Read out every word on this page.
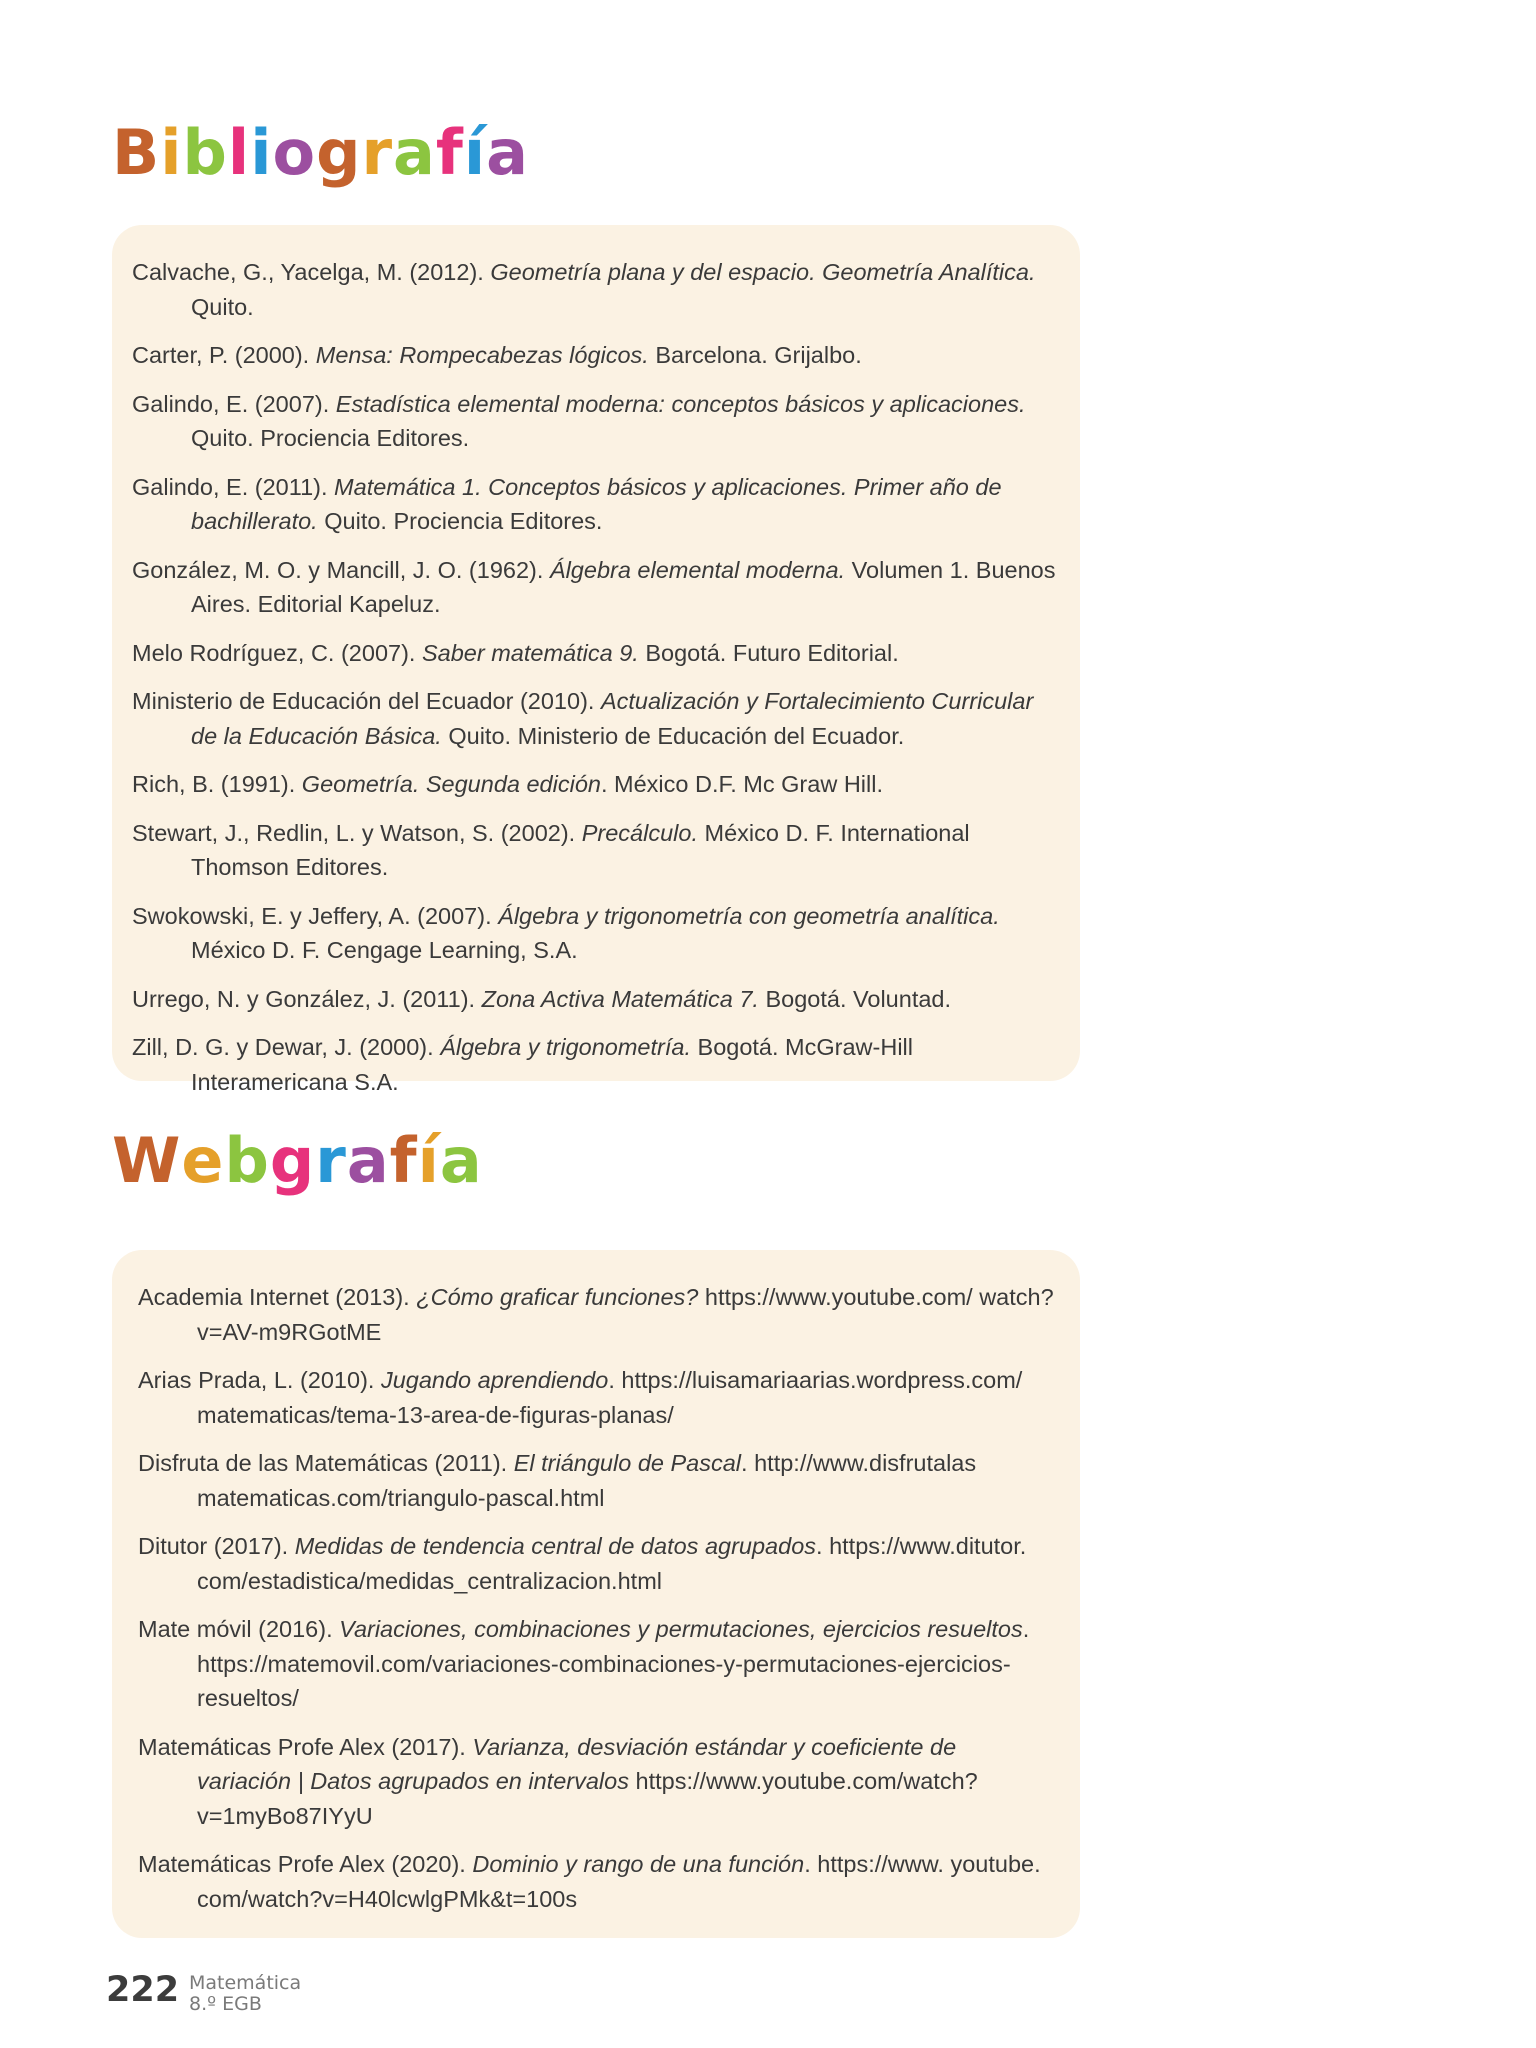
Bibliografía
Calvache, G., Yacelga, M. (2012). Geometría plana y del espacio. Geometría Analítica. Quito.
Carter, P. (2000). Mensa: Rompecabezas lógicos. Barcelona. Grijalbo.
Galindo, E. (2007). Estadística elemental moderna: conceptos básicos y aplicaciones. Quito. Prociencia Editores.
Galindo, E. (2011). Matemática 1. Conceptos básicos y aplicaciones. Primer año de bachillerato. Quito. Prociencia Editores.
González, M. O. y Mancill, J. O. (1962). Álgebra elemental moderna. Volumen 1. Buenos Aires. Editorial Kapeluz.
Melo Rodríguez, C. (2007). Saber matemática 9. Bogotá. Futuro Editorial.
Ministerio de Educación del Ecuador (2010). Actualización y Fortalecimiento Curricular de la Educación Básica. Quito. Ministerio de Educación del Ecuador.
Rich, B. (1991). Geometría. Segunda edición. México D.F. Mc Graw Hill.
Stewart, J., Redlin, L. y Watson, S. (2002). Precálculo. México D. F. International Thomson Editores.
Swokowski, E. y Jeffery, A. (2007). Álgebra y trigonometría con geometría analítica. México D. F. Cengage Learning, S.A.
Urrego, N. y González, J. (2011). Zona Activa Matemática 7. Bogotá. Voluntad.
Zill, D. G. y Dewar, J. (2000). Álgebra y trigonometría. Bogotá. McGraw-Hill Interamericana S.A.
Webgrafía
Academia Internet (2013). ¿Cómo graficar funciones? https://www.youtube.com/ watch?v=AV-m9RGotME
Arias Prada, L. (2010). Jugando aprendiendo. https://luisamariaarias.wordpress.com/ matematicas/tema-13-area-de-figuras-planas/
Disfruta de las Matemáticas (2011). El triángulo de Pascal. http://www.disfrutalas matematicas.com/triangulo-pascal.html
Ditutor (2017). Medidas de tendencia central de datos agrupados. https://www.ditutor. com/estadistica/medidas_centralizacion.html
Mate móvil (2016). Variaciones, combinaciones y permutaciones, ejercicios resueltos. https://matemovil.com/variaciones-combinaciones-y-permutaciones-ejercicios-resueltos/
Matemáticas Profe Alex (2017). Varianza, desviación estándar y coeficiente de variación | Datos agrupados en intervalos https://www.youtube.com/watch?v=1myBo87IYyU
Matemáticas Profe Alex (2020). Dominio y rango de una función. https://www. youtube. com/watch?v=H40lcwlgPMk&t=100s
222 Matemática
8.º EGB
